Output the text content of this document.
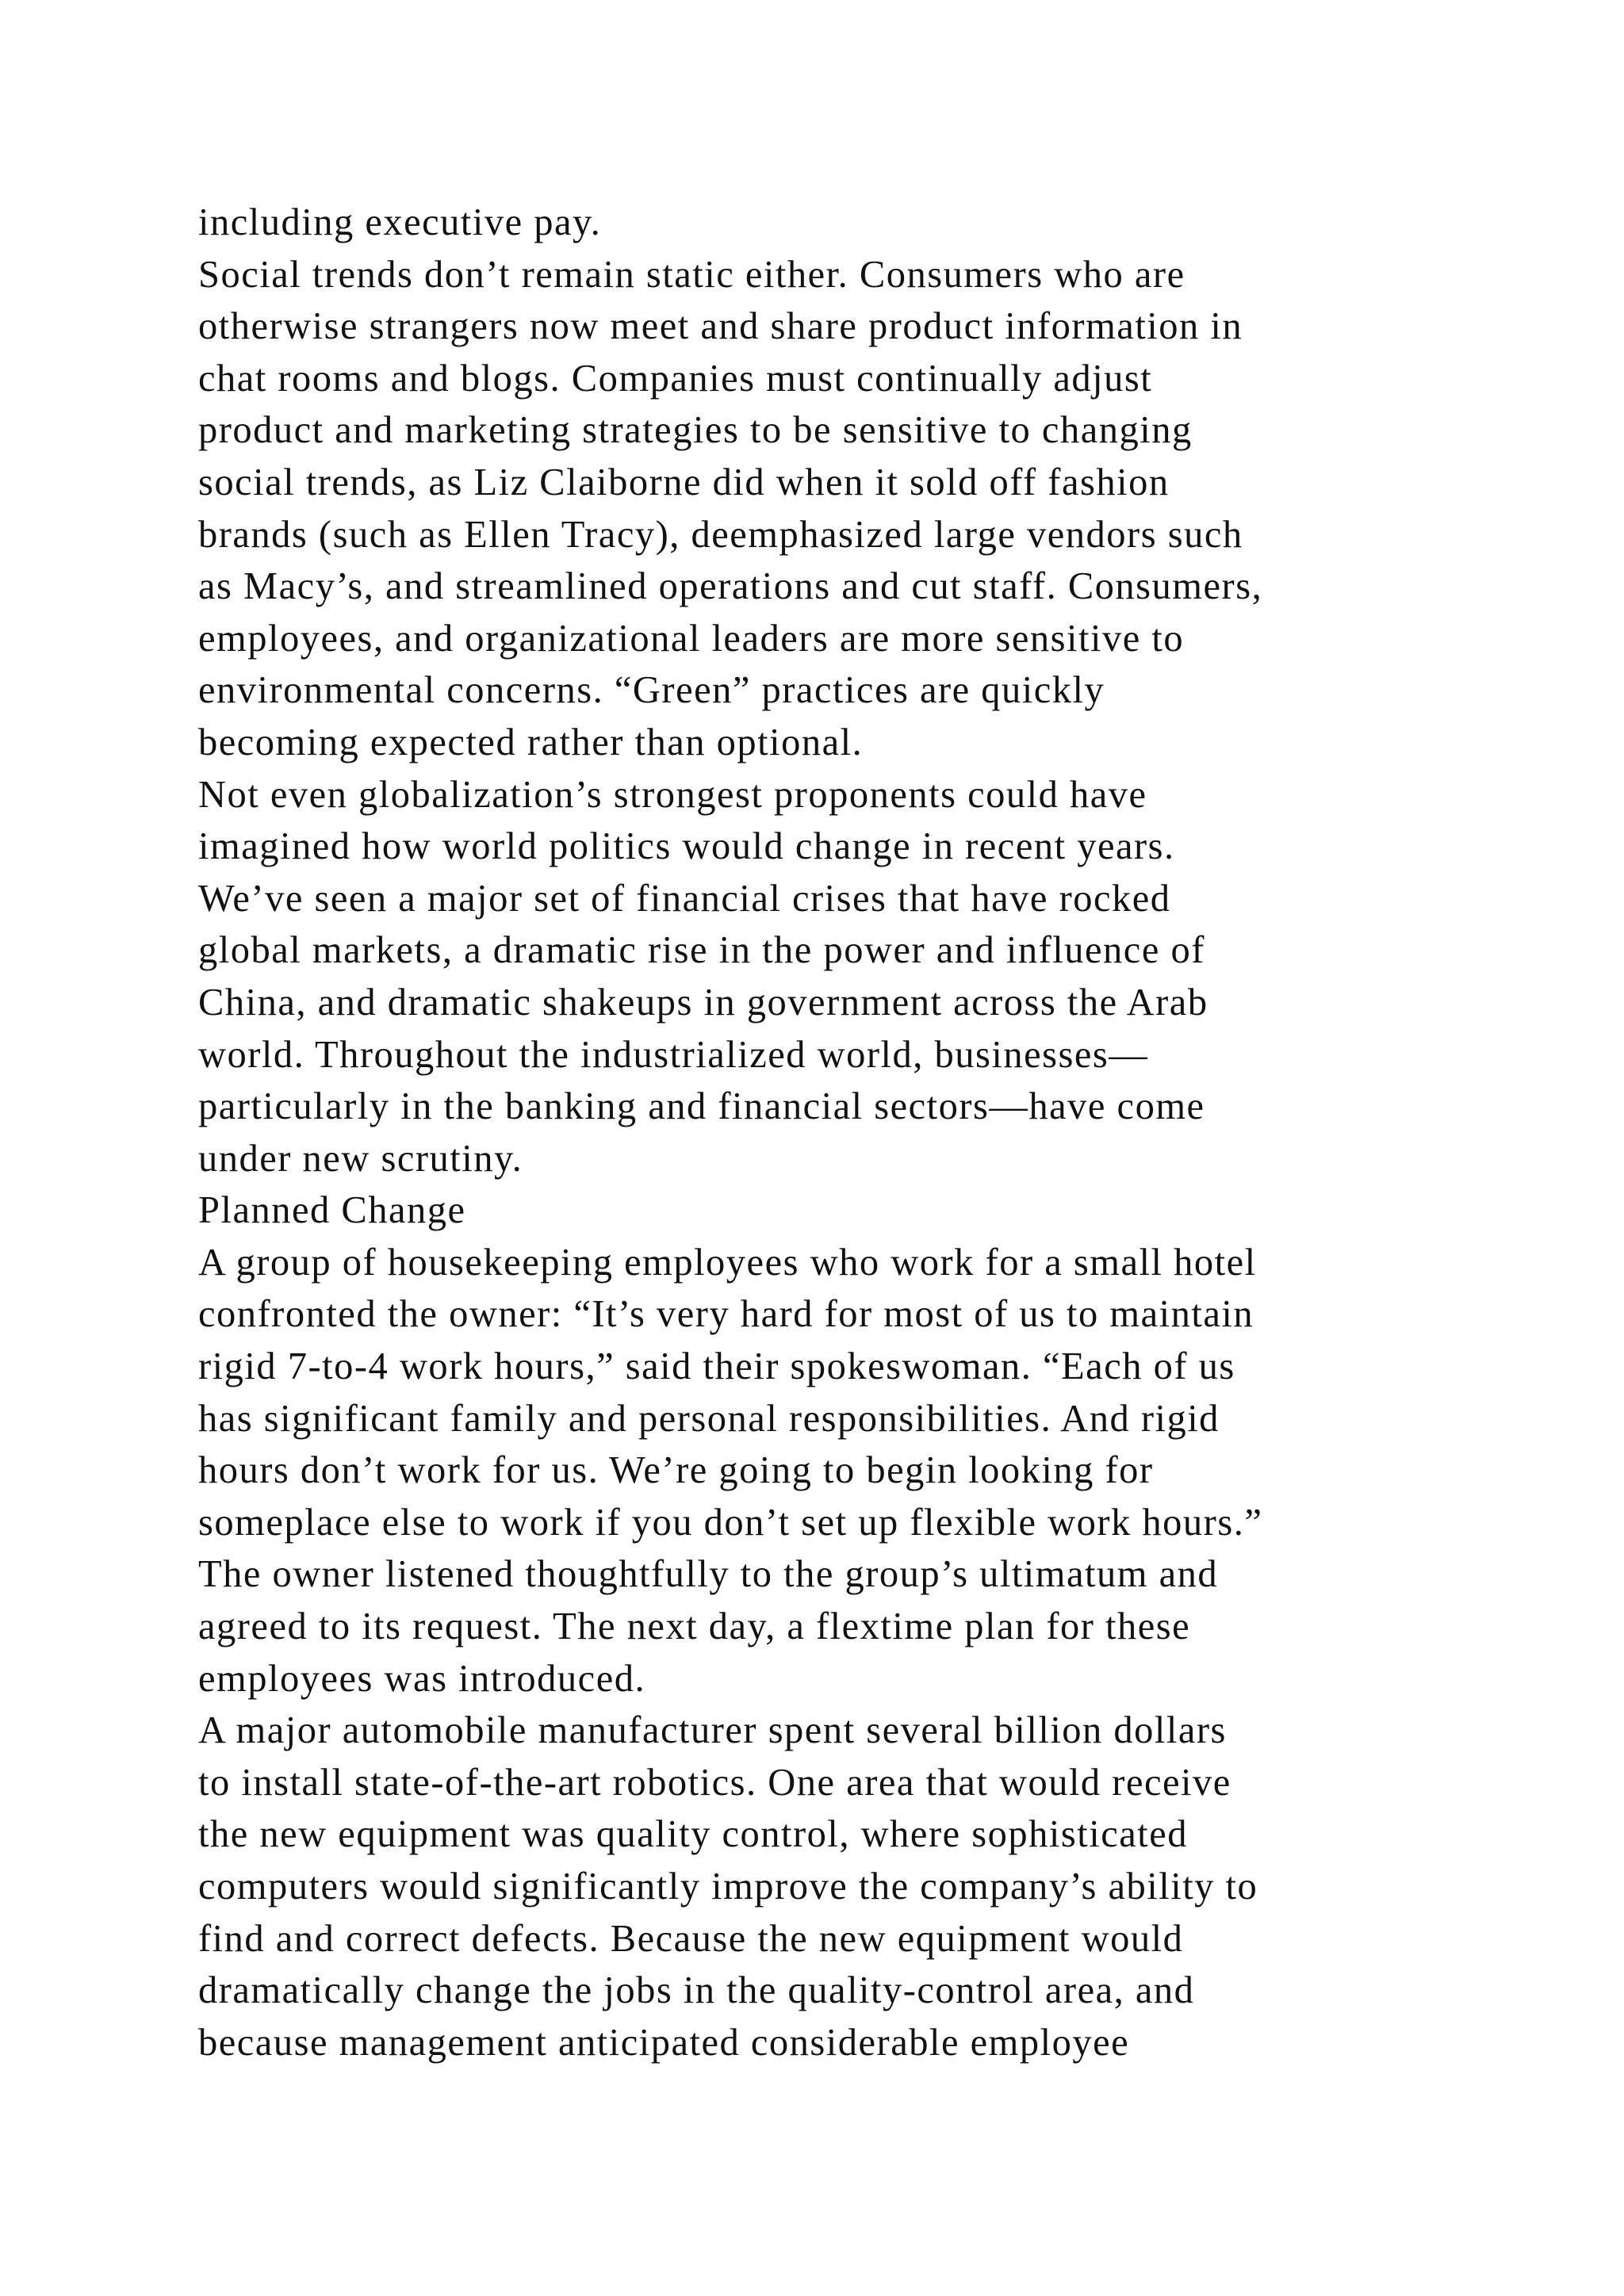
including executive pay.
Social trends don’t remain static either. Consumers who are
otherwise strangers now meet and share product information in
chat rooms and blogs. Companies must continually adjust
product and marketing strategies to be sensitive to changing
social trends, as Liz Claiborne did when it sold off fashion
brands (such as Ellen Tracy), deemphasized large vendors such
as Macy’s, and streamlined operations and cut staff. Consumers,
employees, and organizational leaders are more sensitive to
environmental concerns. “Green” practices are quickly
becoming expected rather than optional.
Not even globalization’s strongest proponents could have
imagined how world politics would change in recent years.
We’ve seen a major set of financial crises that have rocked
global markets, a dramatic rise in the power and influence of
China, and dramatic shakeups in government across the Arab
world. Throughout the industrialized world, businesses—
particularly in the banking and financial sectors—have come
under new scrutiny.
Planned Change
A group of housekeeping employees who work for a small hotel
confronted the owner: “It’s very hard for most of us to maintain
rigid 7-to-4 work hours,” said their spokeswoman. “Each of us
has significant family and personal responsibilities. And rigid
hours don’t work for us. We’re going to begin looking for
someplace else to work if you don’t set up flexible work hours.”
The owner listened thoughtfully to the group’s ultimatum and
agreed to its request. The next day, a flextime plan for these
employees was introduced.
A major automobile manufacturer spent several billion dollars
to install state-of-the-art robotics. One area that would receive
the new equipment was quality control, where sophisticated
computers would significantly improve the company’s ability to
find and correct defects. Because the new equipment would
dramatically change the jobs in the quality-control area, and
because management anticipated considerable employee
